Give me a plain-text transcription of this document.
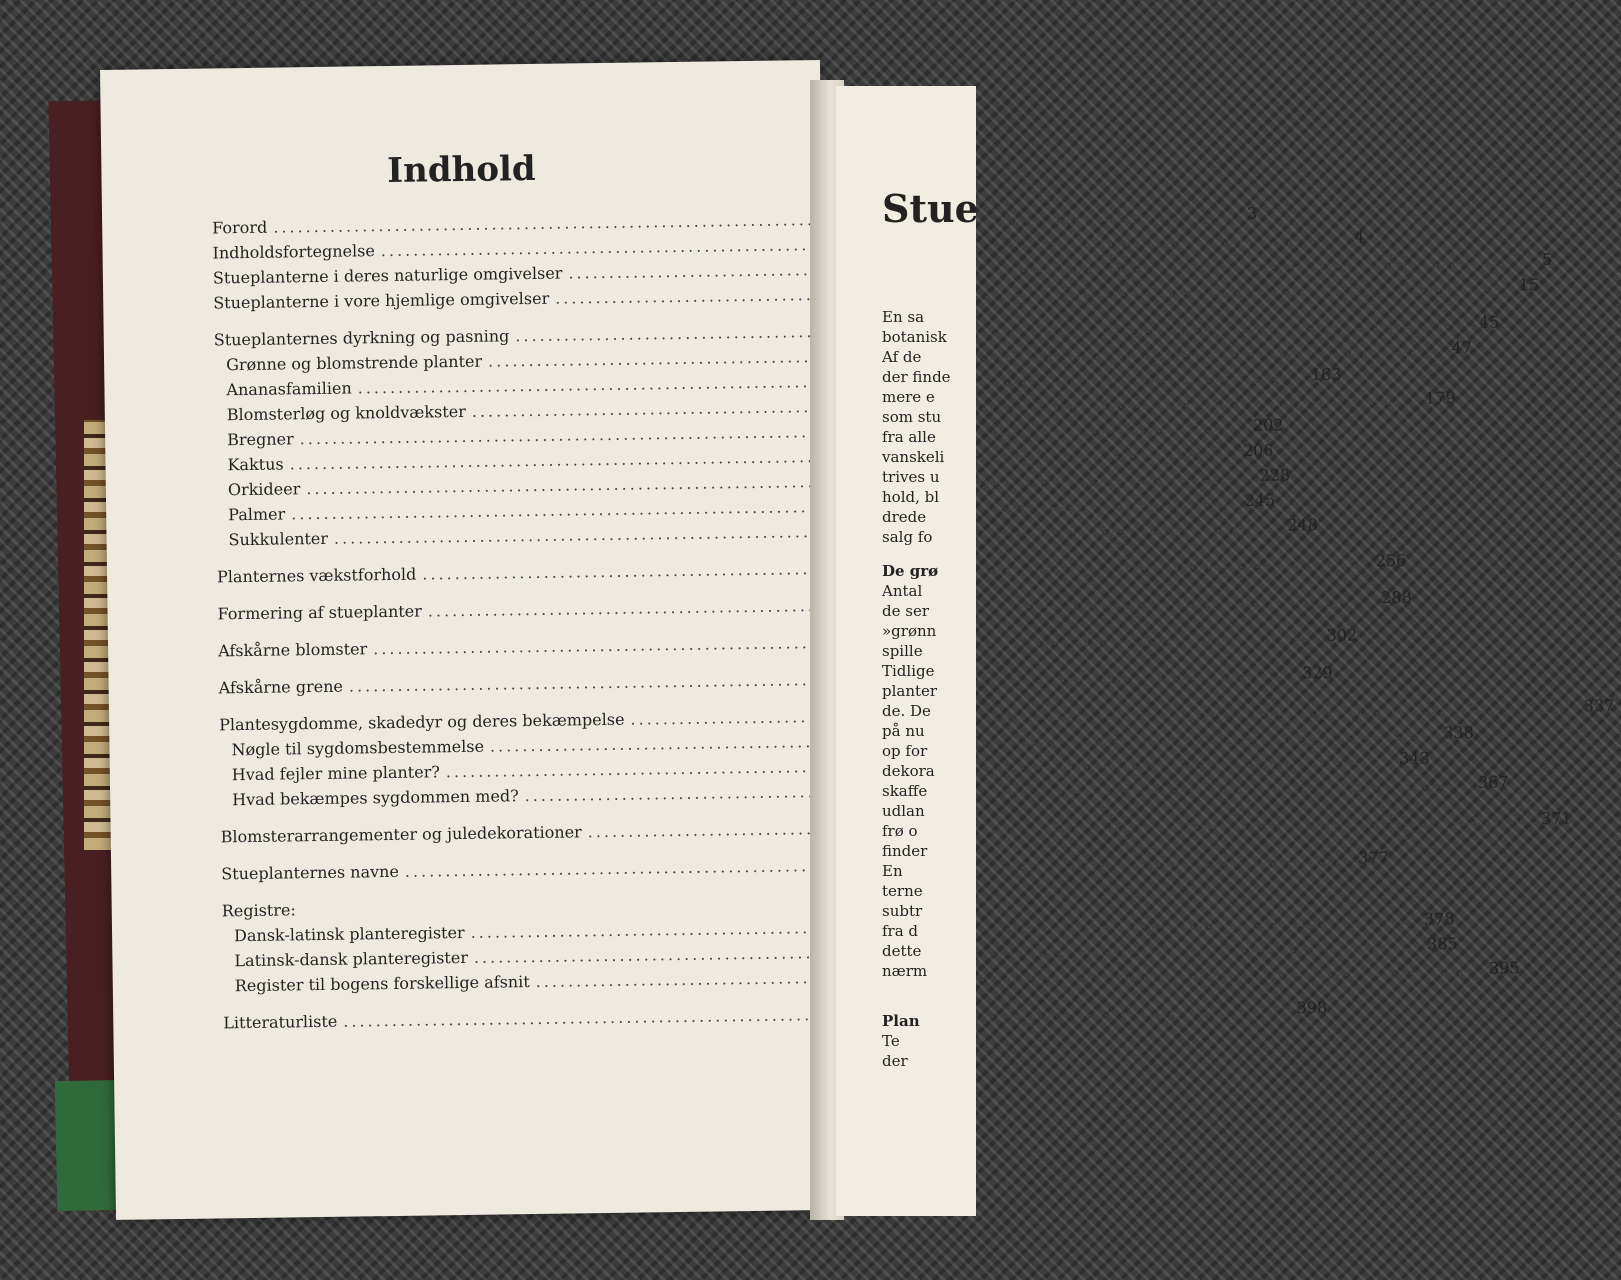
Indhold
Forord
.....
3
Indholdsfortegnelse
.....
4
Stueplanterne i deres naturlige omgivelser
.....
5
Stueplanterne i vore hjemlige omgivelser
.....
15
Stueplanternes dyrkning og pasning
.....
45
Grønne og blomstrende planter
.....
47
Ananasfamilien
.....
163
Blomsterløg og knoldvækster
.....
179
Bregner
.....
202
Kaktus
.....
206
Orkideer
.....
228
Palmer
.....
245
Sukkulenter
.....
248
Planternes vækstforhold
.....
256
Formering af stueplanter
.....
288
Afskårne blomster
.....
302
Afskårne grene
.....
329
Plantesygdomme, skadedyr og deres bekæmpelse
.....
337
Nøgle til sygdomsbestemmelse
.....
338
Hvad fejler mine planter?
.....
343
Hvad bekæmpes sygdommen med?
.....
367
Blomsterarrangementer og juledekorationer
.....
371
Stueplanternes navne
.....
377
Registre:
Dansk-latinsk planteregister
.....
378
Latinsk-dansk planteregister
.....
385
Register til bogens forskellige afsnit
.....
395
Litteraturliste
.....
398
Stue
En sa
botanisk
Af de
der finde
mere e
som stu
fra alle
vanskeli
trives u
hold, bl
drede
salg fo
De grø
Antal
de ser
»grønn
spille
Tidlige
planter
de. De
på nu
op for
dekora
skaffe
udlan
frø o
finder
En
terne
subtr
fra d
dette
nærm
Plan
Te
der
